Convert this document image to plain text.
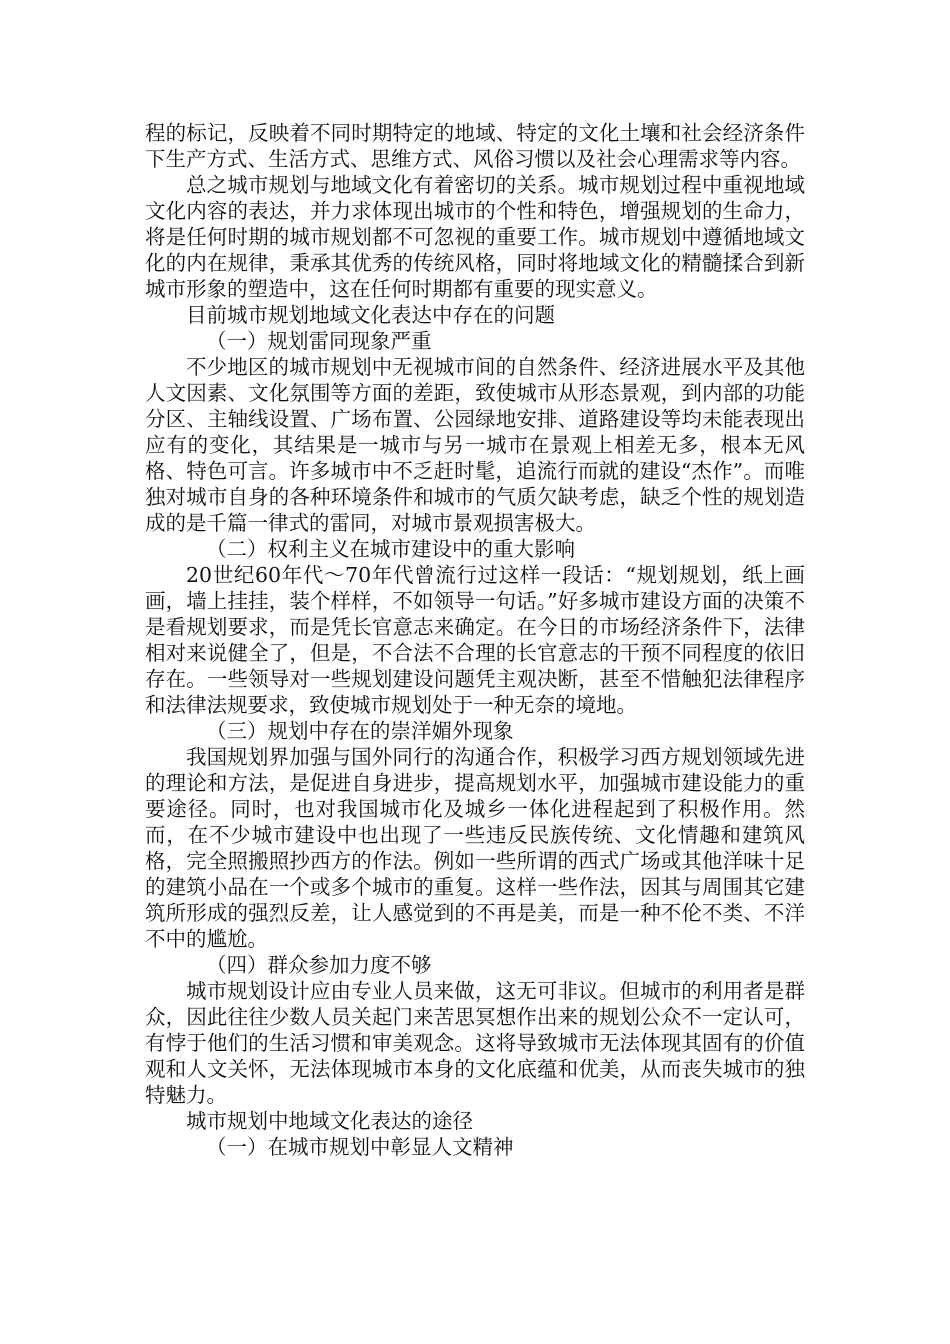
程的标记，反映着不同时期特定的地域、特定的文化土壤和社会经济条件下生产方式、生活方式、思维方式、风俗习惯以及社会心理需求等内容。

总之城市规划与地域文化有着密切的关系。城市规划过程中重视地域文化内容的表达，并力求体现出城市的个性和特色，增强规划的生命力，将是任何时期的城市规划都不可忽视的重要工作。城市规划中遵循地域文化的内在规律，秉承其优秀的传统风格，同时将地域文化的精髓揉合到新城市形象的塑造中，这在任何时期都有重要的现实意义。

目前城市规划地域文化表达中存在的问题

（一）规划雷同现象严重

不少地区的城市规划中无视城市间的自然条件、经济进展水平及其他人文因素、文化氛围等方面的差距，致使城市从形态景观，到内部的功能分区、主轴线设置、广场布置、公园绿地安排、道路建设等均未能表现出应有的变化，其结果是一城市与另一城市在景观上相差无多，根本无风格、特色可言。许多城市中不乏赶时髦，追流行而就的建设“杰作”。而唯独对城市自身的各种环境条件和城市的气质欠缺考虑，缺乏个性的规划造成的是千篇一律式的雷同，对城市景观损害极大。

（二）权利主义在城市建设中的重大影响

20世纪60年代～70年代曾流行过这样一段话：“规划规划，纸上画画，墙上挂挂，装个样样，不如领导一句话。”好多城市建设方面的决策不是看规划要求，而是凭长官意志来确定。在今日的市场经济条件下，法律相对来说健全了，但是，不合法不合理的长官意志的干预不同程度的依旧存在。一些领导对一些规划建设问题凭主观决断，甚至不惜触犯法律程序和法律法规要求，致使城市规划处于一种无奈的境地。

（三）规划中存在的崇洋媚外现象

我国规划界加强与国外同行的沟通合作，积极学习西方规划领域先进的理论和方法，是促进自身进步，提高规划水平，加强城市建设能力的重要途径。同时，也对我国城市化及城乡一体化进程起到了积极作用。然而，在不少城市建设中也出现了一些违反民族传统、文化情趣和建筑风格，完全照搬照抄西方的作法。例如一些所谓的西式广场或其他洋味十足的建筑小品在一个或多个城市的重复。这样一些作法，因其与周围其它建筑所形成的强烈反差，让人感觉到的不再是美，而是一种不伦不类、不洋不中的尴尬。

（四）群众参加力度不够

城市规划设计应由专业人员来做，这无可非议。但城市的利用者是群众，因此往往少数人员关起门来苦思冥想作出来的规划公众不一定认可，有悖于他们的生活习惯和审美观念。这将导致城市无法体现其固有的价值观和人文关怀，无法体现城市本身的文化底蕴和优美，从而丧失城市的独特魅力。

城市规划中地域文化表达的途径

（一）在城市规划中彰显人文精神
